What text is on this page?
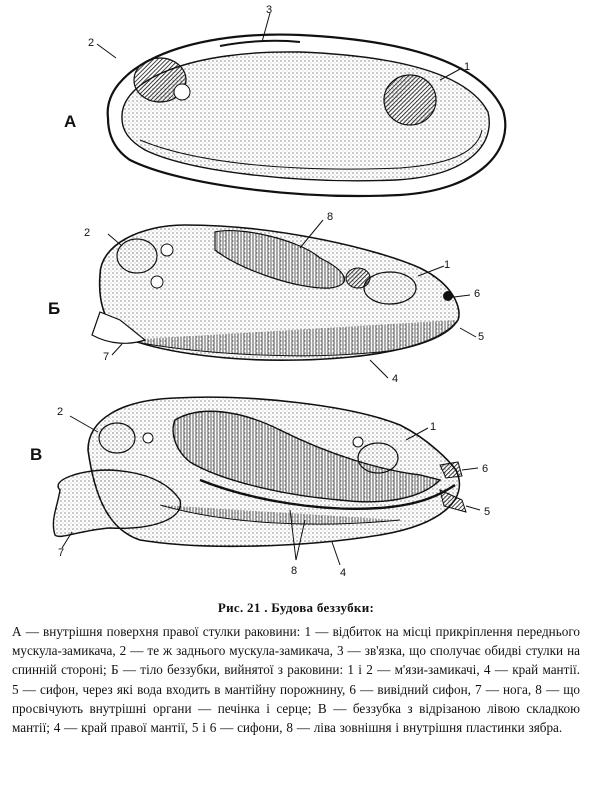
3
2
1
А
2
8
1
6
5
7
4
Б
2
1
6
5
7
8	4
В
Рис. 21 . Будова беззубки:
А — внутрішня поверхня правої стулки раковини: 1 — відбиток на місці прикріплення переднього мускула-замикача, 2 — те ж заднього мускула-замикача, 3 — зв'язка, що сполучає обидві стулки на спинній стороні; Б — тіло беззубки, вийнятої з раковини: 1 і 2 — м'язи-замикачі, 4 — край мантії. 5 — сифон, через які вода входить в мантійну порожнину, 6 — вивідний сифон, 7 — нога, 8 — що просвічують внутрішні органи — печінка і серце; В — беззубка з відрізаною лівою складкою мантії; 4 — край правої мантії, 5 і 6 — сифони, 8 — ліва зовнішня і внутрішня пластинки зябра.
